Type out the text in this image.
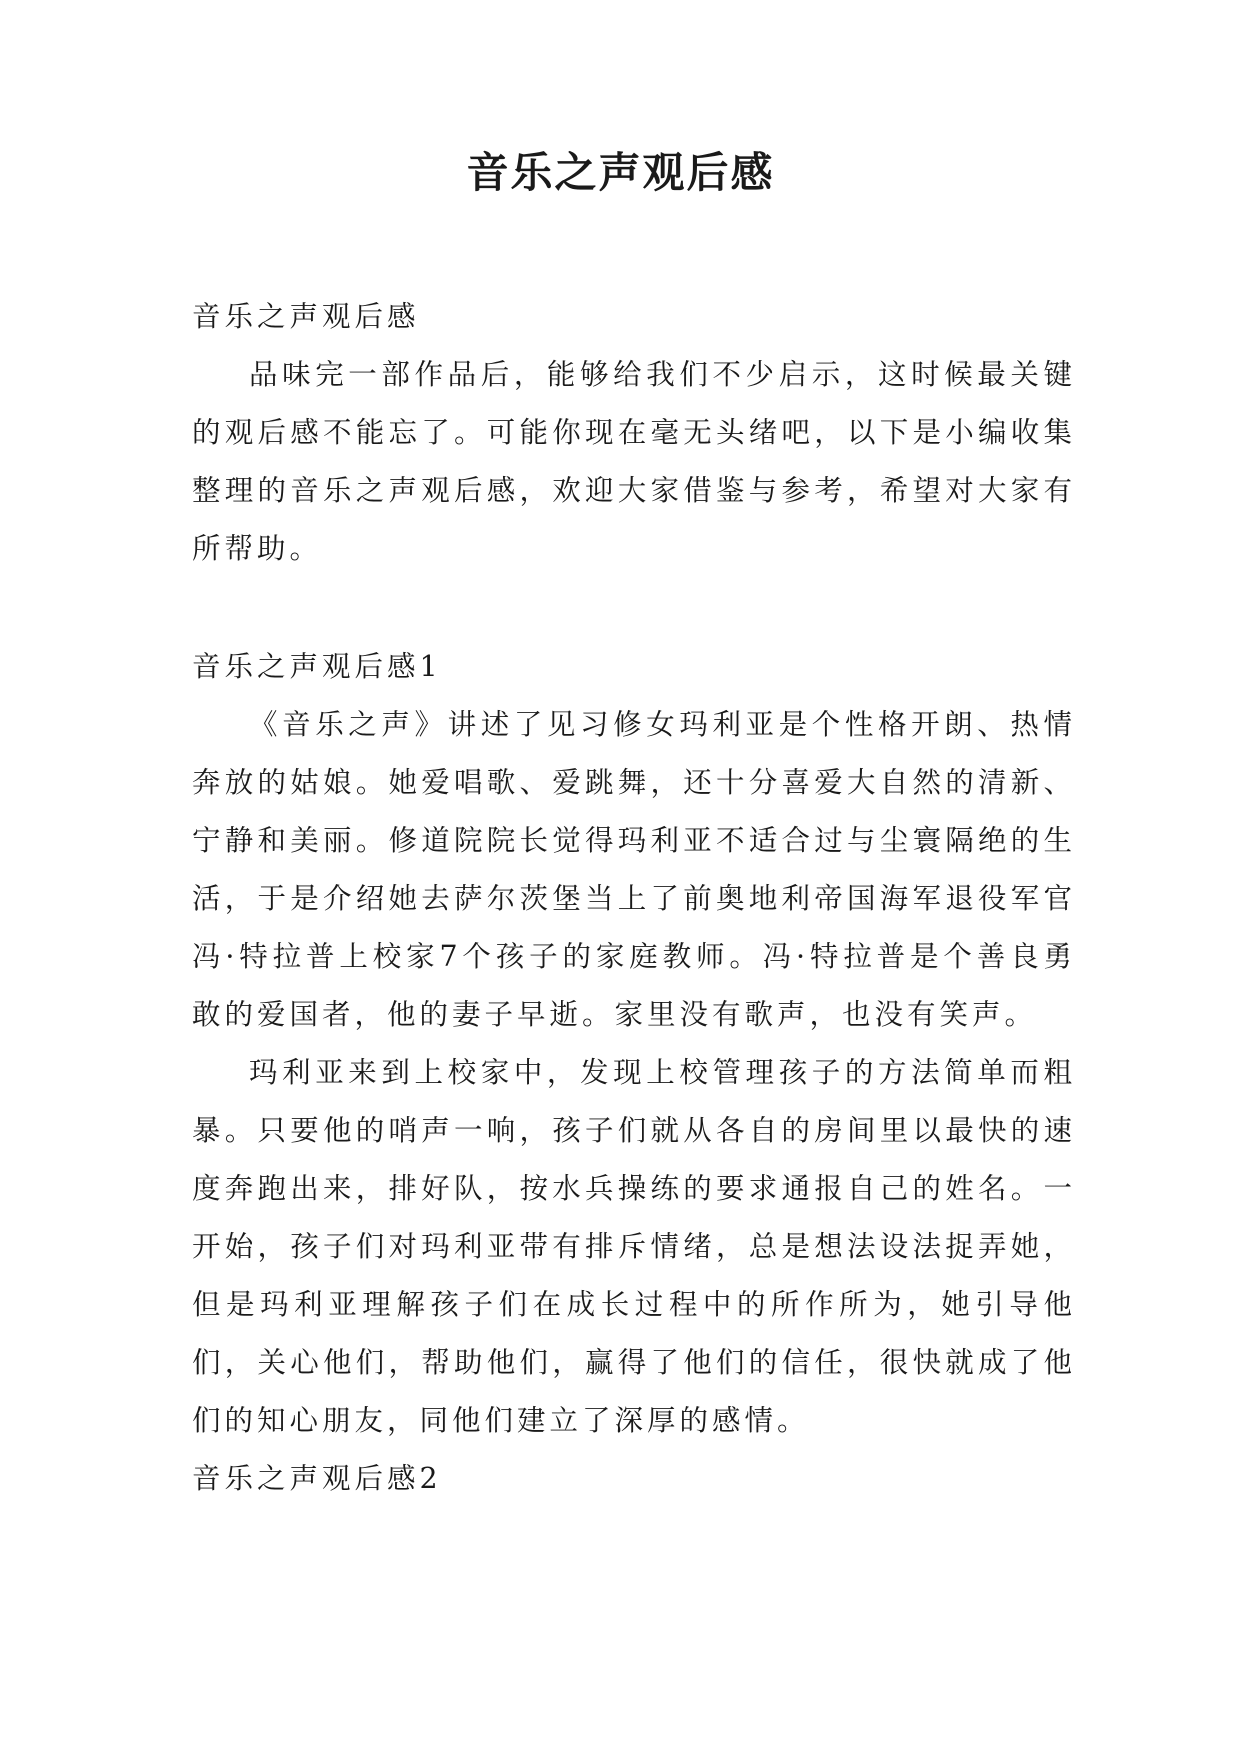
音乐之声观后感

音乐之声观后感

品味完一部作品后，能够给我们不少启示，这时候最关键的观后感不能忘了。可能你现在毫无头绪吧，以下是小编收集整理的音乐之声观后感，欢迎大家借鉴与参考，希望对大家有所帮助。

音乐之声观后感1

《音乐之声》讲述了见习修女玛利亚是个性格开朗、热情奔放的姑娘。她爱唱歌、爱跳舞，还十分喜爱大自然的清新、宁静和美丽。修道院院长觉得玛利亚不适合过与尘寰隔绝的生活，于是介绍她去萨尔茨堡当上了前奥地利帝国海军退役军官冯·特拉普上校家7个孩子的家庭教师。冯·特拉普是个善良勇敢的爱国者，他的妻子早逝。家里没有歌声，也没有笑声。

玛利亚来到上校家中，发现上校管理孩子的方法简单而粗暴。只要他的哨声一响，孩子们就从各自的房间里以最快的速度奔跑出来，排好队，按水兵操练的要求通报自己的姓名。一开始，孩子们对玛利亚带有排斥情绪，总是想法设法捉弄她，但是玛利亚理解孩子们在成长过程中的所作所为，她引导他们，关心他们，帮助他们，赢得了他们的信任，很快就成了他们的知心朋友，同他们建立了深厚的感情。

音乐之声观后感2
